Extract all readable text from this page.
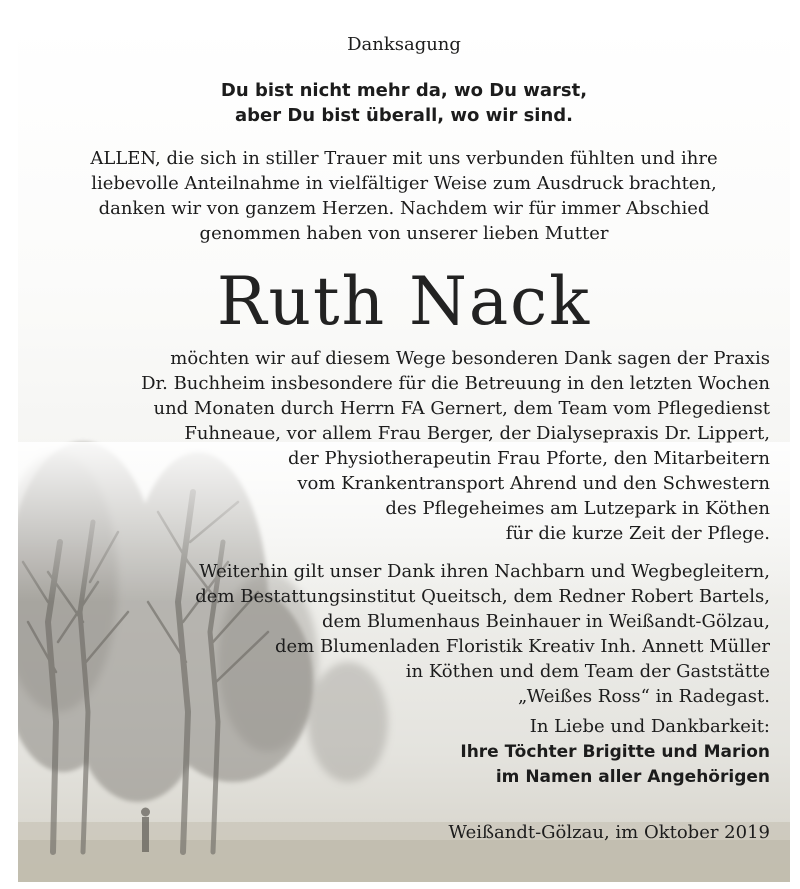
Danksagung
Du bist nicht mehr da, wo Du warst,
aber Du bist überall, wo wir sind.
ALLEN, die sich in stiller Trauer mit uns verbunden fühlten und ihre
liebevolle Anteilnahme in vielfältiger Weise zum Ausdruck brachten,
danken wir von ganzem Herzen. Nachdem wir für immer Abschied
genommen haben von unserer lieben Mutter
Ruth Nack
möchten wir auf diesem Wege besonderen Dank sagen der Praxis
Dr. Buchheim insbesondere für die Betreuung in den letzten Wochen
und Monaten durch Herrn FA Gernert, dem Team vom Pflegedienst
Fuhneaue, vor allem Frau Berger, der Dialysepraxis Dr. Lippert,
der Physiotherapeutin Frau Pforte, den Mitarbeitern
vom Krankentransport Ahrend und den Schwestern
des Pflegeheimes am Lutzepark in Köthen
für die kurze Zeit der Pflege.
Weiterhin gilt unser Dank ihren Nachbarn und Wegbegleitern,
dem Bestattungsinstitut Queitsch, dem Redner Robert Bartels,
dem Blumenhaus Beinhauer in Weißandt-Gölzau,
dem Blumenladen Floristik Kreativ Inh. Annett Müller
in Köthen und dem Team der Gaststätte
„Weißes Ross“ in Radegast.
In Liebe und Dankbarkeit:
Ihre Töchter Brigitte und Marion
im Namen aller Angehörigen
Weißandt-Gölzau, im Oktober 2019
